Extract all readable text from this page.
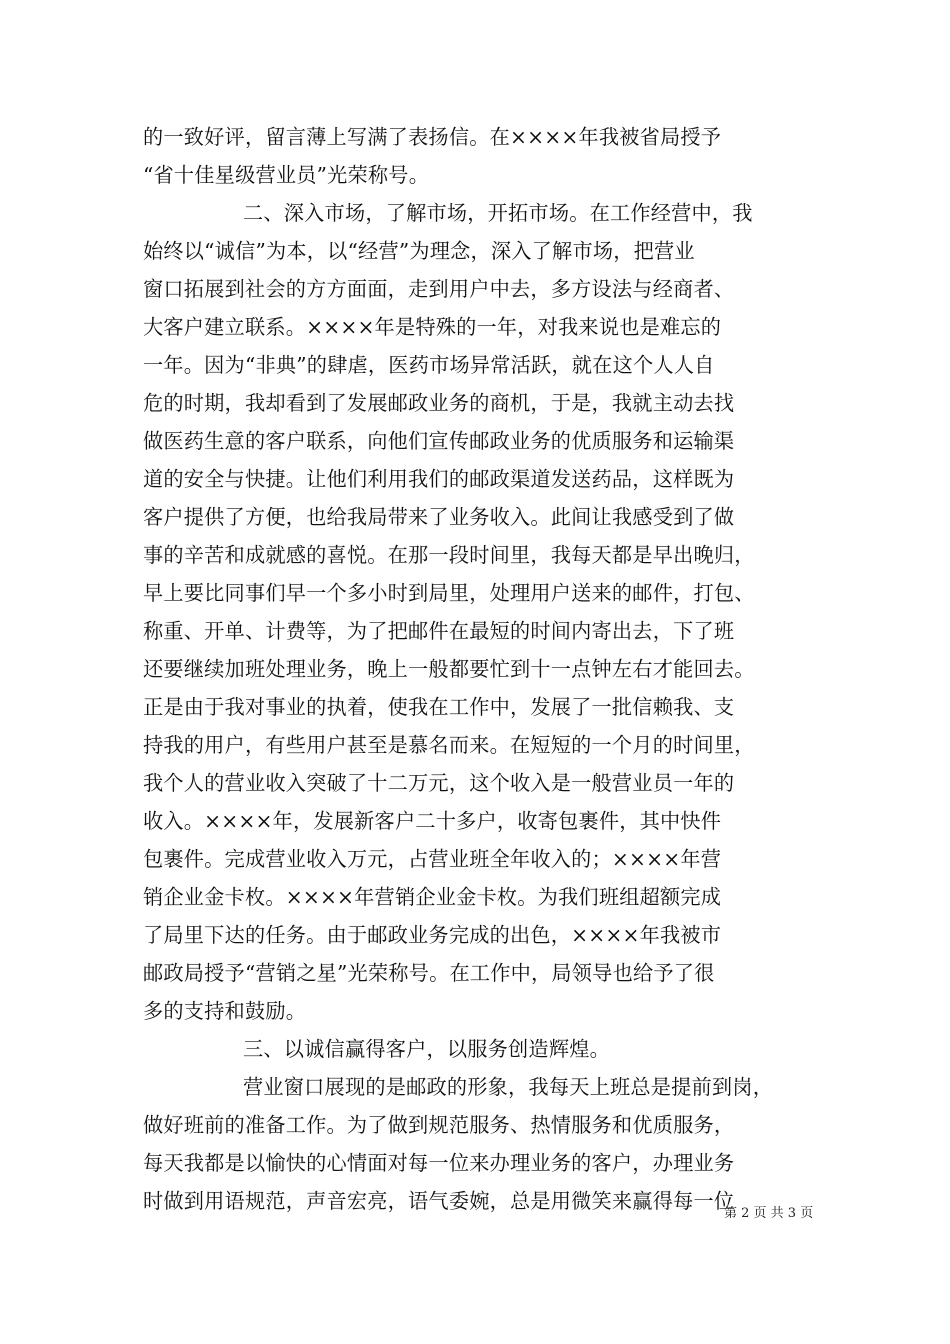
的一致好评，留言薄上写满了表扬信。在××××年我被省局授予
“省十佳星级营业员”光荣称号。
二、深入市场，了解市场，开拓市场。在工作经营中，我
始终以“诚信”为本，以“经营”为理念，深入了解市场，把营业
窗口拓展到社会的方方面面，走到用户中去，多方设法与经商者、
大客户建立联系。××××年是特殊的一年，对我来说也是难忘的
一年。因为“非典”的肆虐，医药市场异常活跃，就在这个人人自
危的时期，我却看到了发展邮政业务的商机，于是，我就主动去找
做医药生意的客户联系，向他们宣传邮政业务的优质服务和运输渠
道的安全与快捷。让他们利用我们的邮政渠道发送药品，这样既为
客户提供了方便，也给我局带来了业务收入。此间让我感受到了做
事的辛苦和成就感的喜悦。在那一段时间里，我每天都是早出晚归，
早上要比同事们早一个多小时到局里，处理用户送来的邮件，打包、
称重、开单、计费等，为了把邮件在最短的时间内寄出去，下了班
还要继续加班处理业务，晚上一般都要忙到十一点钟左右才能回去。
正是由于我对事业的执着，使我在工作中，发展了一批信赖我、支
持我的用户，有些用户甚至是慕名而来。在短短的一个月的时间里，
我个人的营业收入突破了十二万元，这个收入是一般营业员一年的
收入。××××年，发展新客户二十多户，收寄包裹件，其中快件
包裹件。完成营业收入万元，占营业班全年收入的；××××年营
销企业金卡枚。××××年营销企业金卡枚。为我们班组超额完成
了局里下达的任务。由于邮政业务完成的出色，××××年我被市
邮政局授予“营销之星”光荣称号。在工作中，局领导也给予了很
多的支持和鼓励。
三、以诚信赢得客户，以服务创造辉煌。
营业窗口展现的是邮政的形象，我每天上班总是提前到岗，
做好班前的准备工作。为了做到规范服务、热情服务和优质服务，
每天我都是以愉快的心情面对每一位来办理业务的客户，办理业务
时做到用语规范，声音宏亮，语气委婉，总是用微笑来赢得每一位
第 2 页 共 3 页
